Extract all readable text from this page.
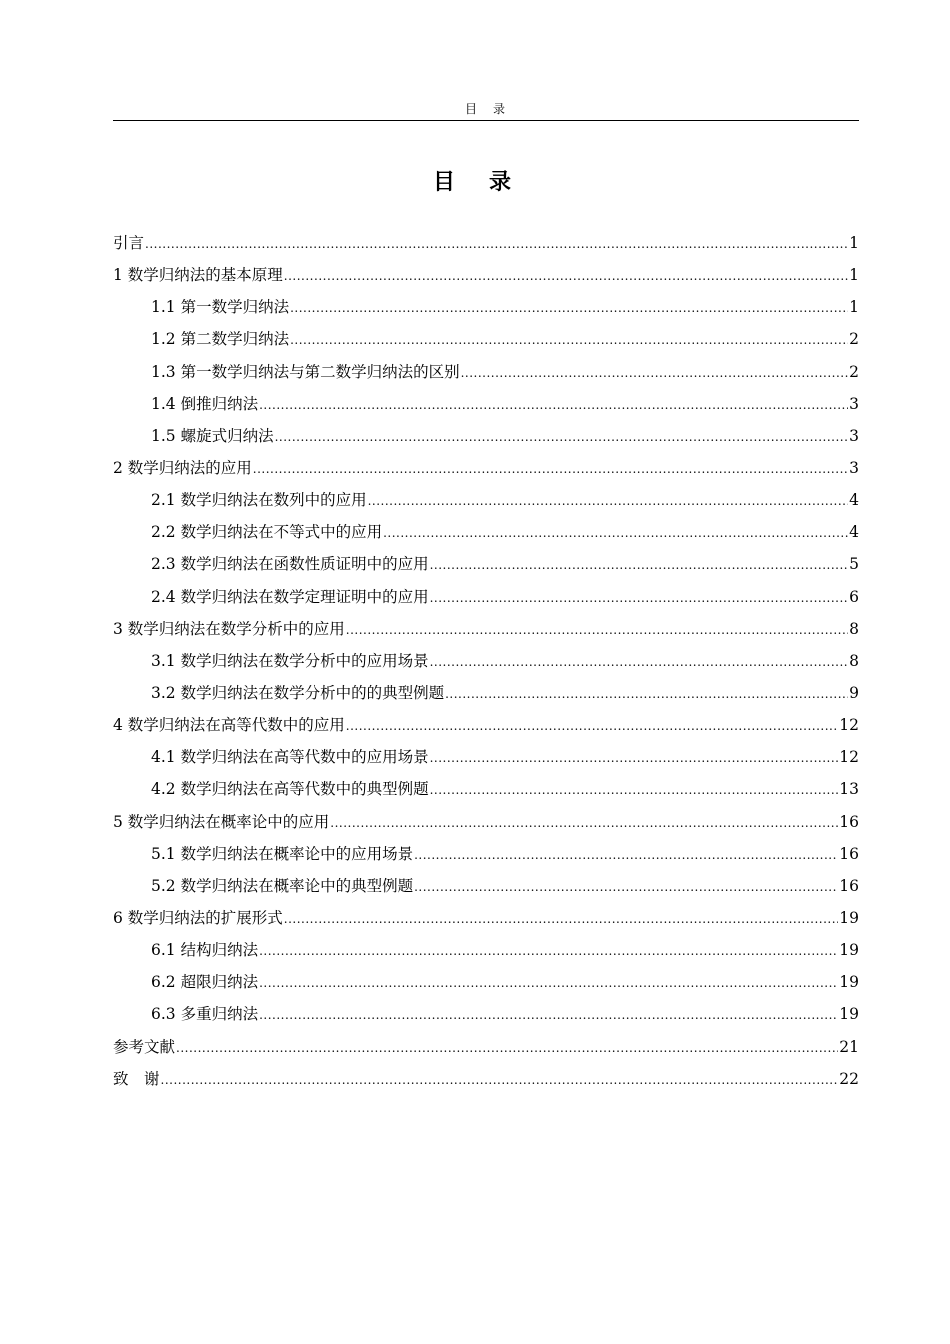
目　录
目　录
引言 .....	1
1 数学归纳法的基本原理 .....	1
1.1 第一数学归纳法 .....	1
1.2 第二数学归纳法 .....	2
1.3 第一数学归纳法与第二数学归纳法的区别 .....	2
1.4 倒推归纳法 .....	3
1.5 螺旋式归纳法 .....	3
2 数学归纳法的应用 .....	3
2.1 数学归纳法在数列中的应用 .....	4
2.2 数学归纳法在不等式中的应用 .....	4
2.3 数学归纳法在函数性质证明中的应用 .....	5
2.4 数学归纳法在数学定理证明中的应用 .....	6
3 数学归纳法在数学分析中的应用 .....	8
3.1 数学归纳法在数学分析中的应用场景 .....	8
3.2 数学归纳法在数学分析中的的典型例题 .....	9
4 数学归纳法在高等代数中的应用 .....	12
4.1 数学归纳法在高等代数中的应用场景 .....	12
4.2 数学归纳法在高等代数中的典型例题 .....	13
5 数学归纳法在概率论中的应用 .....	16
5.1 数学归纳法在概率论中的应用场景 .....	16
5.2 数学归纳法在概率论中的典型例题 .....	16
6 数学归纳法的扩展形式 .....	19
6.1 结构归纳法 .....	19
6.2 超限归纳法 .....	19
6.3 多重归纳法 .....	19
参考文献 .....	21
致　谢 .....	22
